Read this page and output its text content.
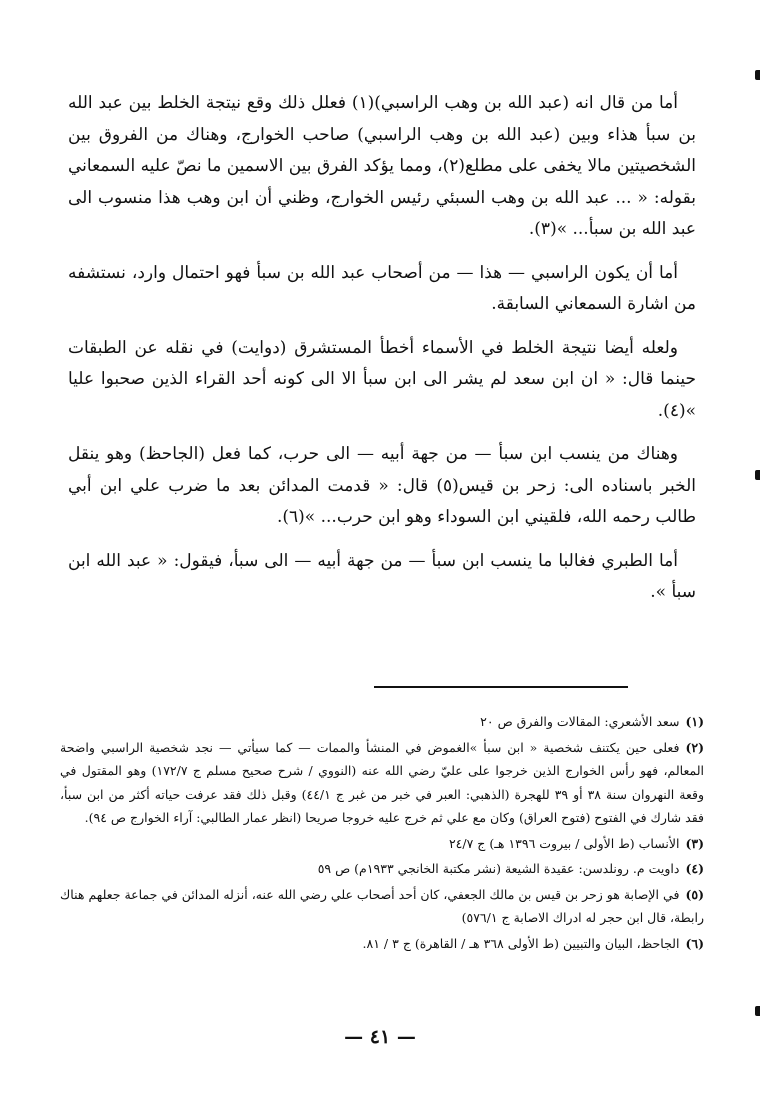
أما من قال انه (عبد الله بن وهب الراسبي)(١) فعلل ذلك وقع نيتجة الخلط بين عبد الله بن سبأ هذاء وبين (عبد الله بن وهب الراسبي) صاحب الخوارج، وهناك من الفروق بين الشخصيتين مالا يخفى على مطلع(٢)، ومما يؤكد الفرق بين الاسمين ما نصّ عليه السمعاني بقوله: « ... عبد الله بن وهب السبئي رئيس الخوارج، وظني أن ابن وهب هذا منسوب الى عبد الله بن سبأ... »(٣).

أما أن يكون الراسبي — هذا — من أصحاب عبد الله بن سبأ فهو احتمال وارد، نستشفه من اشارة السمعاني السابقة.

ولعله أيضا نتيجة الخلط في الأسماء أخطأ المستشرق (دوايت) في نقله عن الطبقات حينما قال: « ان ابن سعد لم يشر الى ابن سبأ الا الى كونه أحد القراء الذين صحبوا عليا »(٤).

وهناك من ينسب ابن سبأ — من جهة أبيه — الى حرب، كما فعل (الجاحظ) وهو ينقل الخبر باسناده الى: زحر بن قيس(٥) قال: « قدمت المدائن بعد ما ضرب علي ابن أبي طالب رحمه الله، فلقيني ابن السوداء وهو ابن حرب... »(٦).

أما الطبري فغالبا ما ينسب ابن سبأ — من جهة أبيه — الى سبأ، فيقول: « عبد الله ابن سبأ ».

(١)سعد الأشعري: المقالات والفرق ص ٢٠

(٢)فعلى حين يكتنف شخصية « ابن سبأ »الغموض في المنشأ والممات — كما سيأتي — نجد شخصية الراسبي واضحة المعالم، فهو رأس الخوارج الذين خرجوا على عليّ رضي الله عنه (النووي / شرح صحيح مسلم ج ١٧٢/٧) وهو المقتول في وقعة النهروان سنة ٣٨ أو ٣٩ للهجرة (الذهبي: العبر في خبر من غبر ج ٤٤/١) وقبل ذلك فقد عرفت حياته أكثر من ابن سبأ، فقد شارك في الفتوح (فتوح العراق) وكان مع علي ثم خرج عليه خروجا صريحا (انظر عمار الطالبي: آراء الخوارج ص ٩٤).

(٣)الأنساب (ط الأولى / بيروت ١٣٩٦ هـ) ج ٢٤/٧

(٤)داويت م. رونلدسن: عقيدة الشيعة (نشر مكتبة الخانجي ١٩٣٣م) ص ٥٩

(٥)في الإصابة هو زحر بن قيس بن مالك الجعفي، كان أحد أصحاب علي رضي الله عنه، أنزله المدائن في جماعة جعلهم هناك رابطة، قال ابن حجر له ادراك الاصابة ج ٥٧٦/١)

(٦)الجاحظ، البيان والتبيين (ط الأولى ٣٦٨ هـ / القاهرة) ج ٣ / ٨١.

— ٤١ —
